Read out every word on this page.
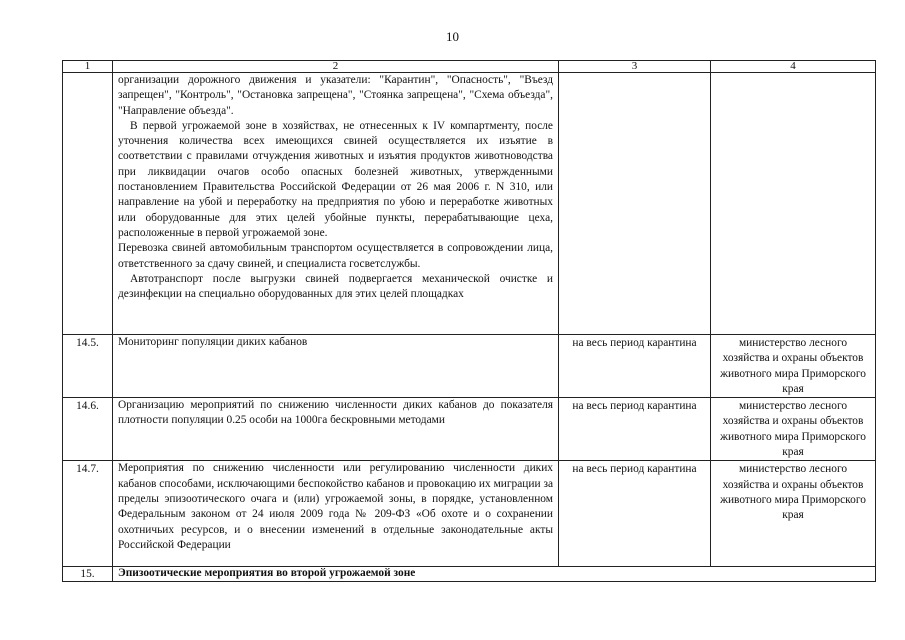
10
1	2	3	4

	организации дорожного движения и указатели: "Карантин", "Опасность", "Въезд запрещен", "Контроль", "Остановка запрещена", "Стоянка запрещена", "Схема объезда", "Направление объезда".

В первой угрожаемой зоне в хозяйствах, не отнесенных к IV компартменту, после уточнения количества всех имеющихся свиней осуществляется их изъятие в соответствии с правилами отчуждения животных и изъятия продуктов животноводства при ликвидации очагов особо опасных болезней животных, утвержденными постановлением Правительства Российской Федерации от 26 мая 2006 г. N 310, или направление на убой и переработку на предприятия по убою и переработке животных или оборудованные для этих целей убойные пункты, перерабатывающие цеха, расположенные в первой угрожаемой зоне.

Перевозка свиней автомобильным транспортом осуществляется в сопровождении лица, ответственного за сдачу свиней, и специалиста госветслужбы.

Автотранспорт после выгрузки свиней подвергается механической очистке и дезинфекции на специально оборудованных для этих целей площадках		

14.5.	Мониторинг популяции диких кабанов	на весь период карантина	министерство лесного хозяйства и охраны объектов животного мира Приморского края
14.6.	Организацию мероприятий по снижению численности диких кабанов до показателя плотности популяции 0.25 особи на 1000га бескровными методами	на весь период карантина	министерство лесного хозяйства и охраны объектов животного мира Приморского края
14.7.	Мероприятия по снижению численности или регулированию численности диких кабанов способами, исключающими беспокойство кабанов и провокацию их миграции за пределы эпизоотического очага и (или) угрожаемой зоны, в порядке, установленном Федеральным законом от 24 июля 2009 года № 209-ФЗ «Об охоте и о сохранении охотничьих ресурсов, и о внесении изменений в отдельные законодательные акты Российской Федерации	на весь период карантина	министерство лесного хозяйства и охраны объектов животного мира Приморского края
15.	Эпизоотические мероприятия во второй угрожаемой зоне		
